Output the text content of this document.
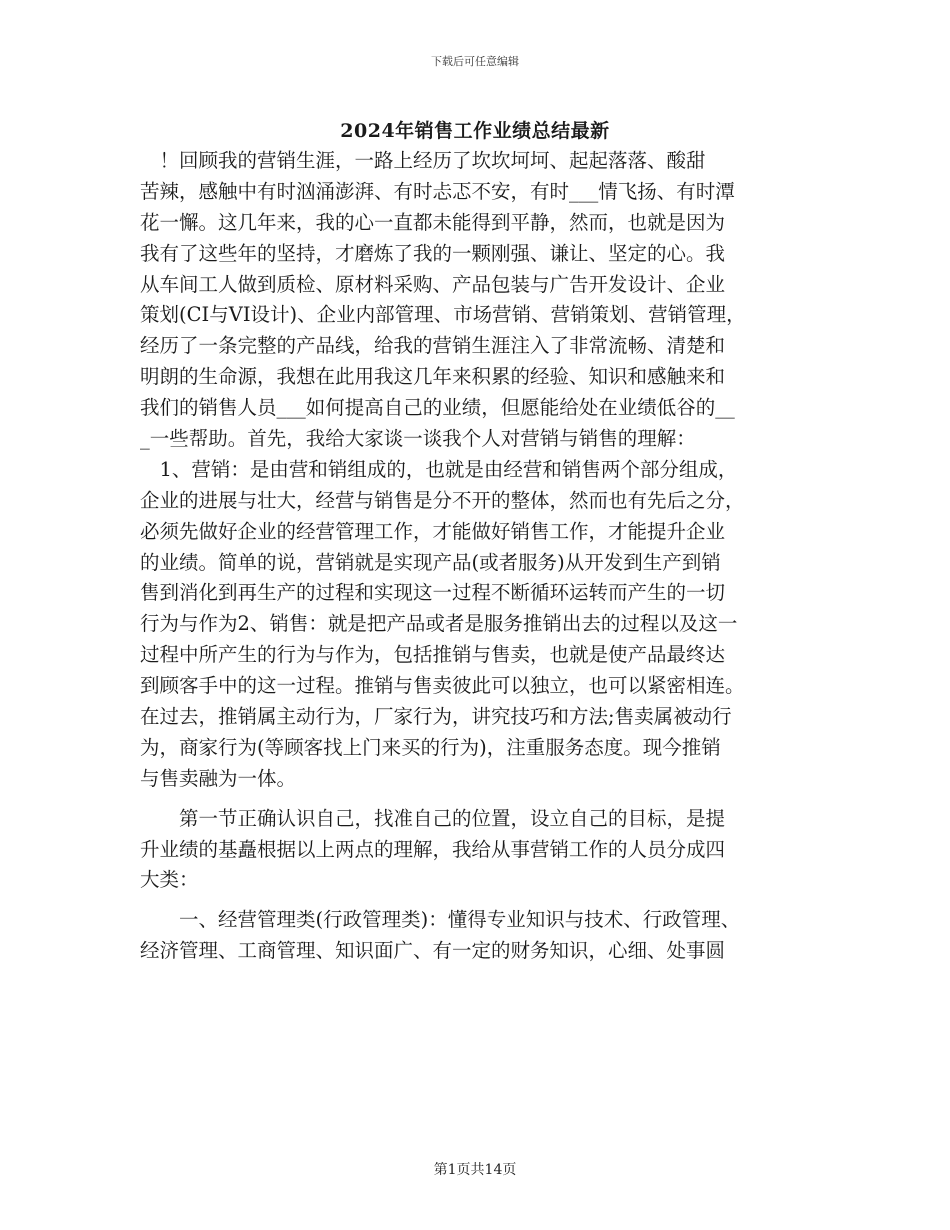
下载后可任意编辑
2024年销售工作业绩总结最新
　！回顾我的营销生涯，一路上经历了坎坎坷坷、起起落落、酸甜
苦辣，感触中有时汹涌澎湃、有时忐忑不安，有时___情飞扬、有时潭
花一懈。这几年来，我的心一直都未能得到平静，然而，也就是因为
我有了这些年的坚持，才磨炼了我的一颗刚强、谦让、坚定的心。我
从车间工人做到质检、原材料采购、产品包装与广告开发设计、企业
策划(CI与VI设计)、企业内部管理、市场营销、营销策划、营销管理，
经历了一条完整的产品线，给我的营销生涯注入了非常流畅、清楚和
明朗的生命源，我想在此用我这几年来积累的经验、知识和感触来和
我们的销售人员___如何提高自己的业绩，但愿能给处在业绩低谷的__
_一些帮助。首先，我给大家谈一谈我个人对营销与销售的理解：
　1、营销：是由营和销组成的，也就是由经营和销售两个部分组成，
企业的进展与壮大，经营与销售是分不开的整体，然而也有先后之分，
必须先做好企业的经营管理工作，才能做好销售工作，才能提升企业
的业绩。简单的说，营销就是实现产品(或者服务)从开发到生产到销
售到消化到再生产的过程和实现这一过程不断循环运转而产生的一切
行为与作为2、销售：就是把产品或者是服务推销出去的过程以及这一
过程中所产生的行为与作为，包括推销与售卖，也就是使产品最终达
到顾客手中的这一过程。推销与售卖彼此可以独立，也可以紧密相连。
在过去，推销属主动行为，厂家行为，讲究技巧和方法;售卖属被动行
为，商家行为(等顾客找上门来买的行为)，注重服务态度。现今推销
与售卖融为一体。
　　第一节正确认识自己，找准自己的位置，设立自己的目标，是提
升业绩的基矗根据以上两点的理解，我给从事营销工作的人员分成四
大类：
　　一、经营管理类(行政管理类)：懂得专业知识与技术、行政管理、
经济管理、工商管理、知识面广、有一定的财务知识，心细、处事圆
第1页共14页
